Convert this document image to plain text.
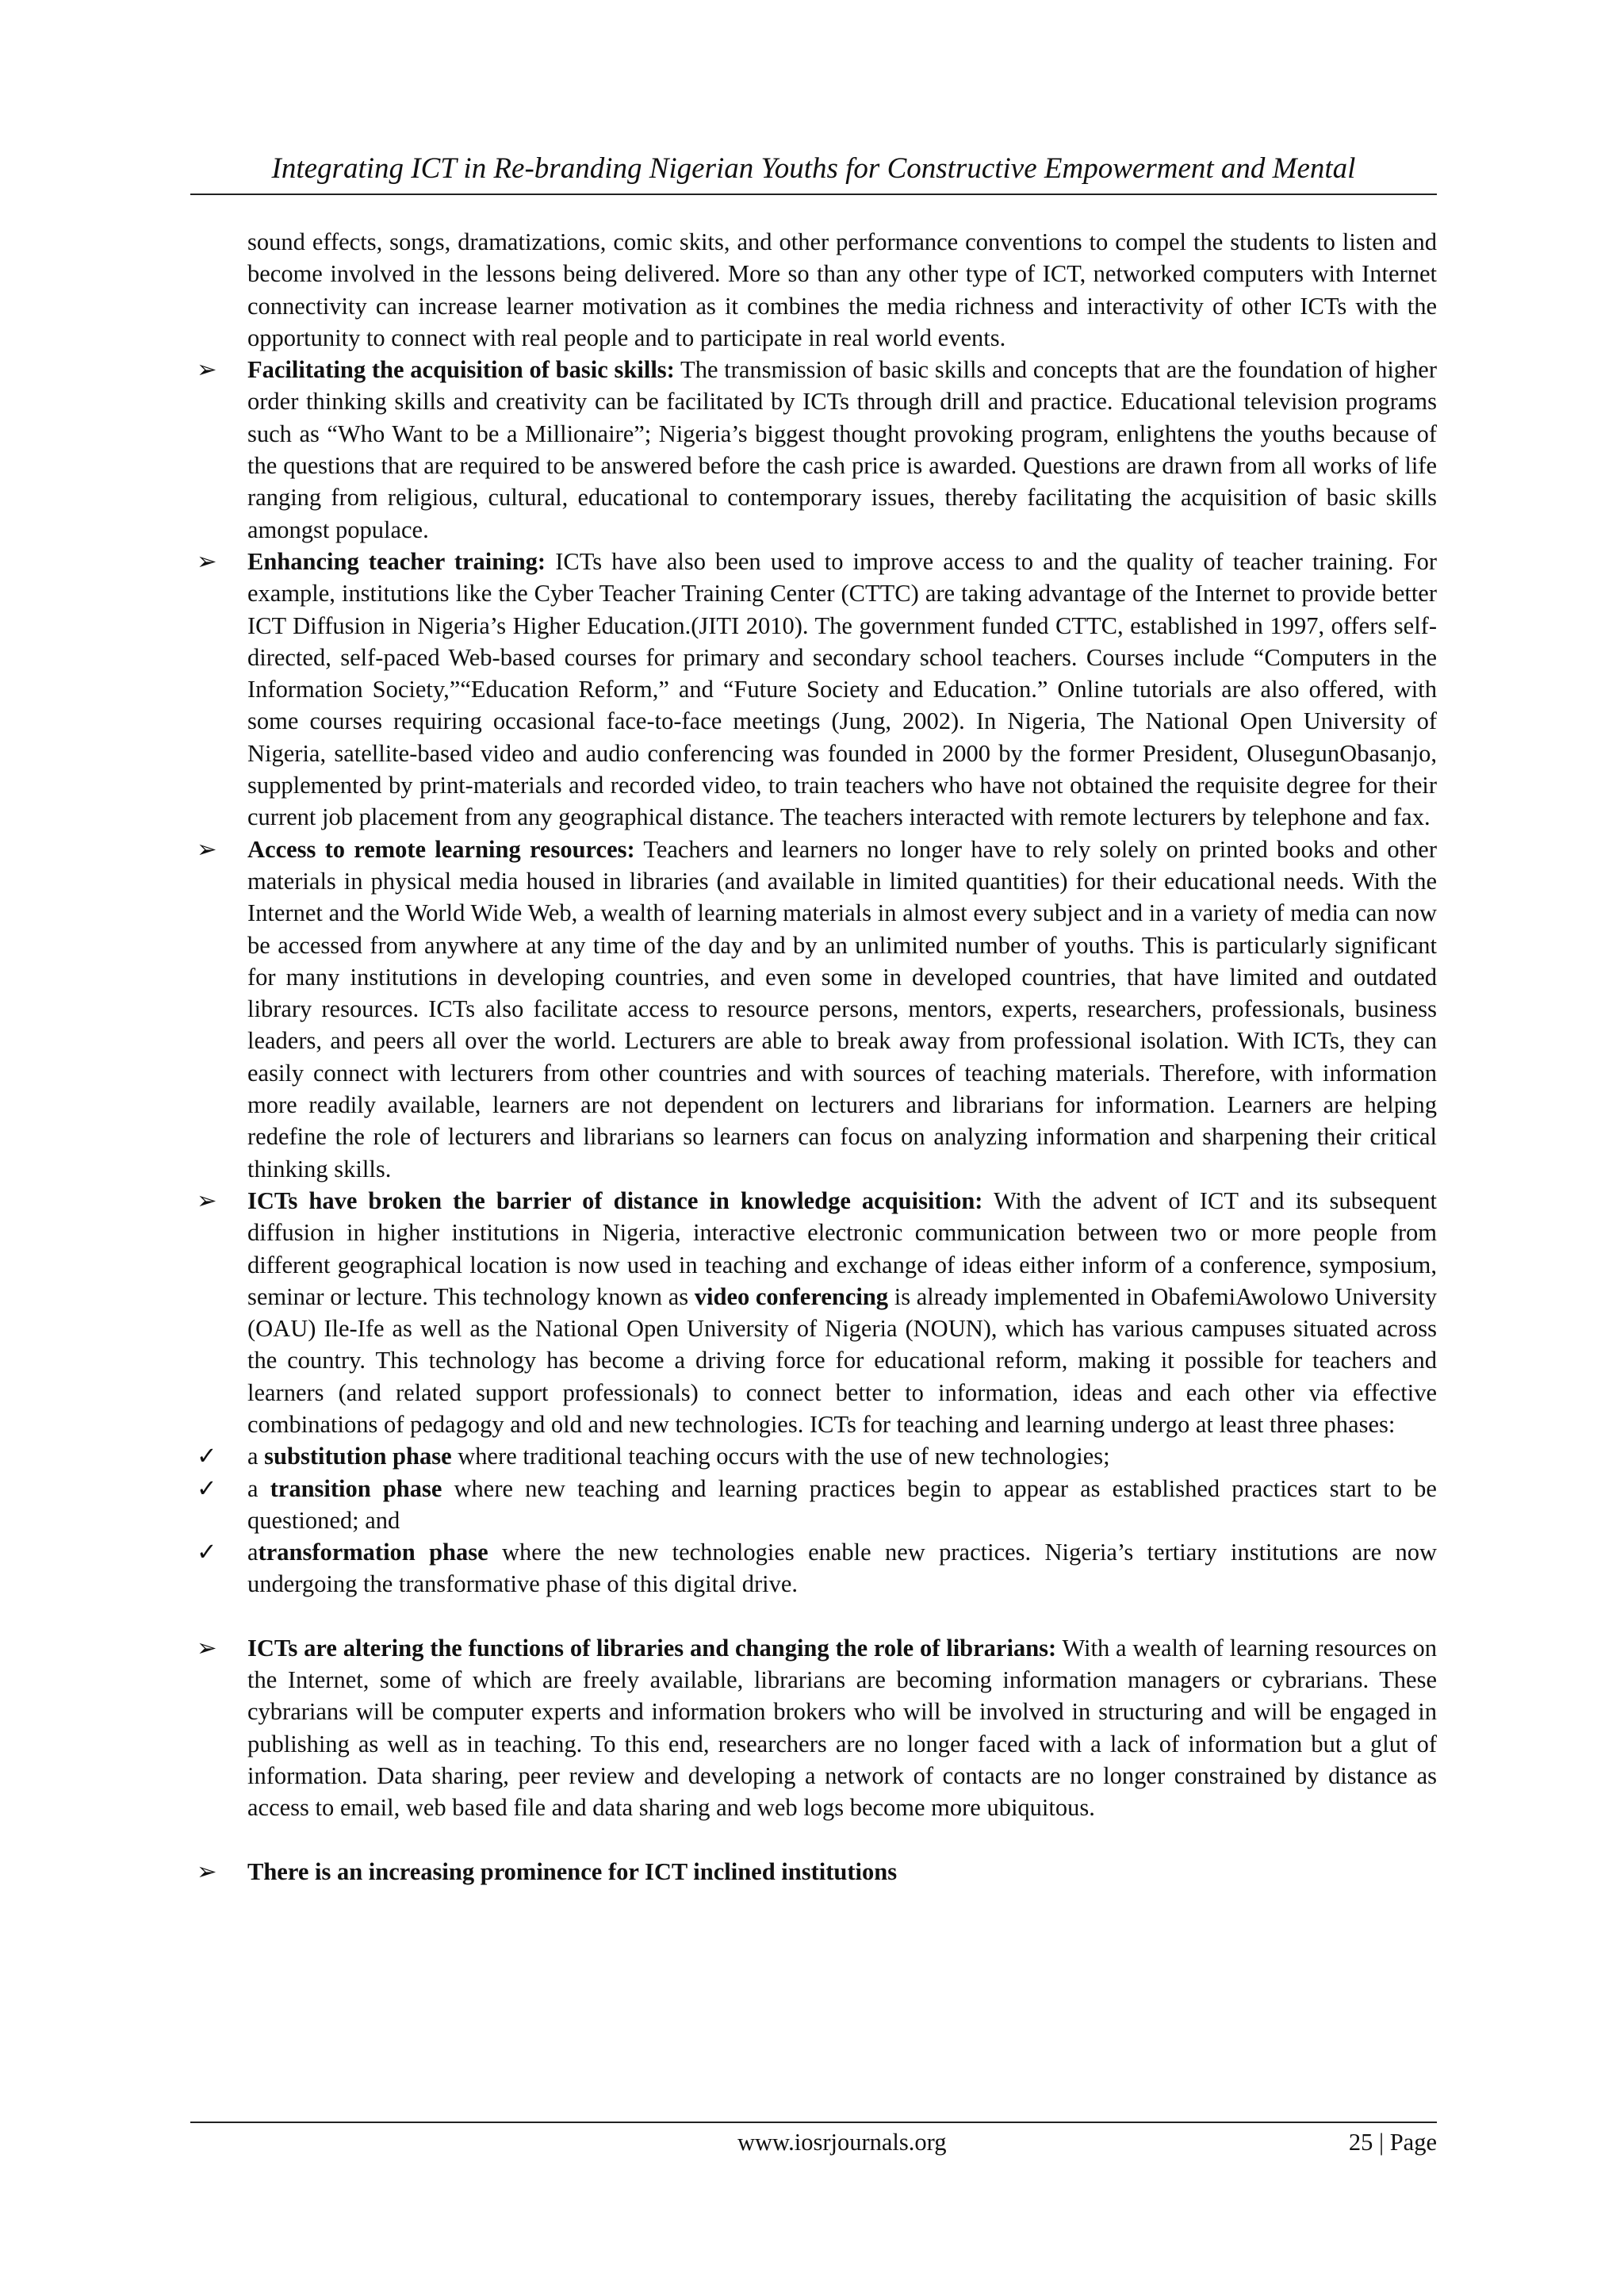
Integrating ICT in Re-branding Nigerian Youths for Constructive Empowerment and Mental

sound effects, songs, dramatizations, comic skits, and other performance conventions to compel the students to listen and become involved in the lessons being delivered. More so than any other type of ICT, networked computers with Internet connectivity can increase learner motivation as it combines the media richness and interactivity of other ICTs with the opportunity to connect with real people and to participate in real world events.

➢	Facilitating the acquisition of basic skills: The transmission of basic skills and concepts that are the foundation of higher order thinking skills and creativity can be facilitated by ICTs through drill and practice. Educational television programs such as “Who Want to be a Millionaire”; Nigeria’s biggest thought provoking program, enlightens the youths because of the questions that are required to be answered before the cash price is awarded. Questions are drawn from all works of life ranging from religious, cultural, educational to contemporary issues, thereby facilitating the acquisition of basic skills amongst populace.

➢	Enhancing teacher training: ICTs have also been used to improve access to and the quality of teacher training. For example, institutions like the Cyber Teacher Training Center (CTTC) are taking advantage of the Internet to provide better ICT Diffusion in Nigeria’s Higher Education.(JITI 2010). The government funded CTTC, established in 1997, offers self-directed, self-paced Web-based courses for primary and secondary school teachers. Courses include “Computers in the Information Society,”“Education Reform,” and “Future Society and Education.” Online tutorials are also offered, with some courses requiring occasional face-to-face meetings (Jung, 2002). In Nigeria, The National Open University of Nigeria, satellite-based video and audio conferencing was founded in 2000 by the former President, OlusegunObasanjo, supplemented by print-materials and recorded video, to train teachers who have not obtained the requisite degree for their current job placement from any geographical distance. The teachers interacted with remote lecturers by telephone and fax.

➢	Access to remote learning resources: Teachers and learners no longer have to rely solely on printed books and other materials in physical media housed in libraries (and available in limited quantities) for their educational needs. With the Internet and the World Wide Web, a wealth of learning materials in almost every subject and in a variety of media can now be accessed from anywhere at any time of the day and by an unlimited number of youths. This is particularly significant for many institutions in developing countries, and even some in developed countries, that have limited and outdated library resources. ICTs also facilitate access to resource persons, mentors, experts, researchers, professionals, business leaders, and peers all over the world. Lecturers are able to break away from professional isolation. With ICTs, they can easily connect with lecturers from other countries and with sources of teaching materials. Therefore, with information more readily available, learners are not dependent on lecturers and librarians for information. Learners are helping redefine the role of lecturers and librarians so learners can focus on analyzing information and sharpening their critical thinking skills.

➢	ICTs have broken the barrier of distance in knowledge acquisition: With the advent of ICT and its subsequent diffusion in higher institutions in Nigeria, interactive electronic communication between two or more people from different geographical location is now used in teaching and exchange of ideas either inform of a conference, symposium, seminar or lecture. This technology known as video conferencing is already implemented in ObafemiAwolowo University (OAU) Ile-Ife as well as the National Open University of Nigeria (NOUN), which has various campuses situated across the country. This technology has become a driving force for educational reform, making it possible for teachers and learners (and related support professionals) to connect better to information, ideas and each other via effective combinations of pedagogy and old and new technologies. ICTs for teaching and learning undergo at least three phases:

✓	a substitution phase where traditional teaching occurs with the use of new technologies;

✓	a transition phase where new teaching and learning practices begin to appear as established practices start to be questioned; and

✓	atransformation phase where the new technologies enable new practices. Nigeria’s tertiary institutions are now undergoing the transformative phase of this digital drive.

➢	ICTs are altering the functions of libraries and changing the role of librarians: With a wealth of learning resources on the Internet, some of which are freely available, librarians are becoming information managers or cybrarians. These cybrarians will be computer experts and information brokers who will be involved in structuring and will be engaged in publishing as well as in teaching. To this end, researchers are no longer faced with a lack of information but a glut of information. Data sharing, peer review and developing a network of contacts are no longer constrained by distance as access to email, web based file and data sharing and web logs become more ubiquitous.

➢	There is an increasing prominence for ICT inclined institutions

www.iosrjournals.org	25 | Page
